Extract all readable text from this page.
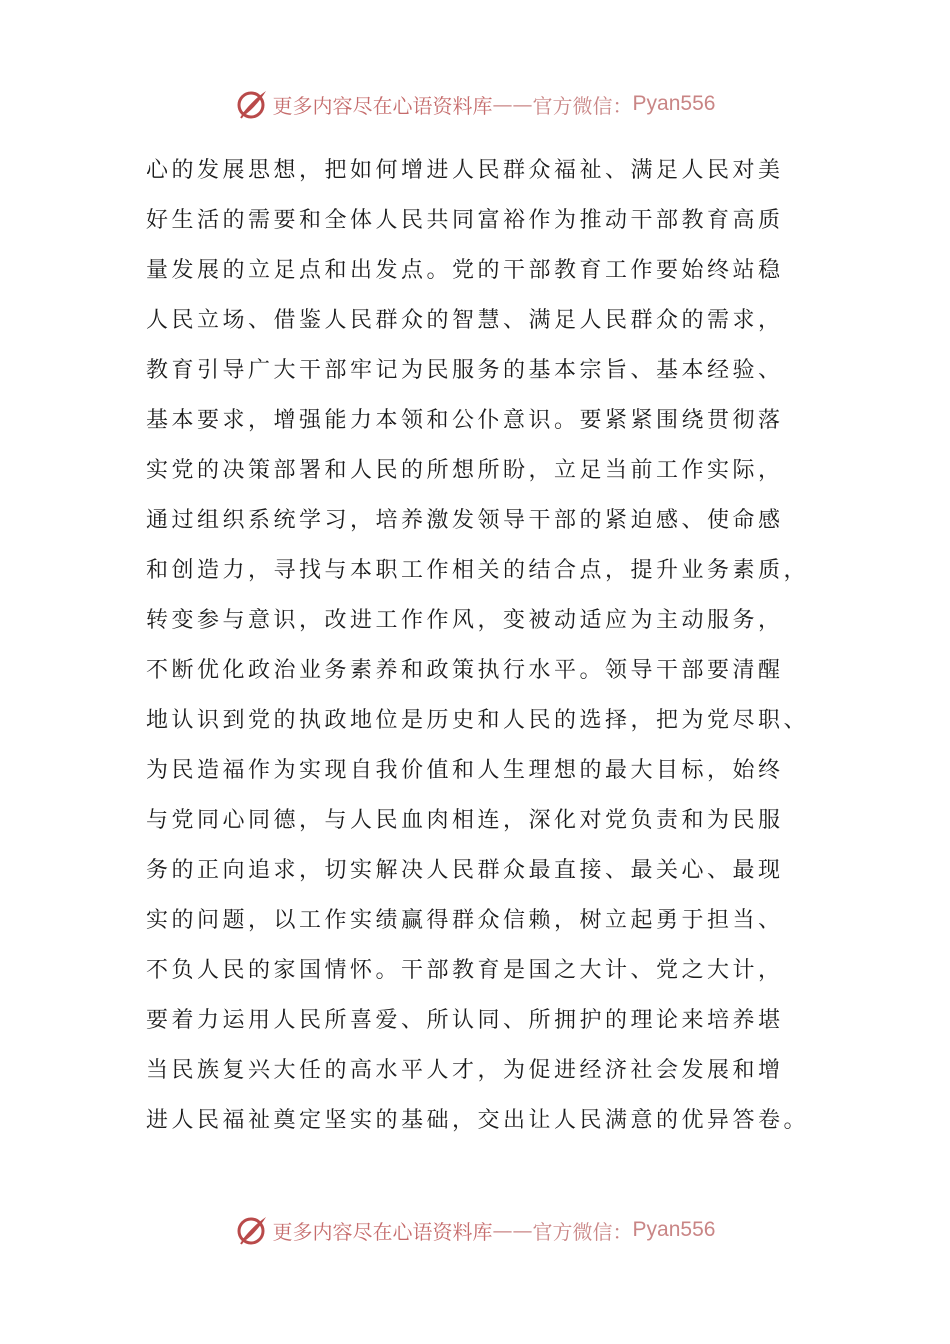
更多内容尽在心语资料库 —— 官方微信： Pyan556
心的发展思想，把如何增进人民群众福祉、满足人民对美
好生活的需要和全体人民共同富裕作为推动干部教育高质
量发展的立足点和出发点。党的干部教育工作要始终站稳
人民立场、借鉴人民群众的智慧、满足人民群众的需求，
教育引导广大干部牢记为民服务的基本宗旨、基本经验、
基本要求，增强能力本领和公仆意识。要紧紧围绕贯彻落
实党的决策部署和人民的所想所盼，立足当前工作实际，
通过组织系统学习，培养激发领导干部的紧迫感、使命感
和创造力，寻找与本职工作相关的结合点，提升业务素质，
转变参与意识，改进工作作风，变被动适应为主动服务，
不断优化政治业务素养和政策执行水平。领导干部要清醒
地认识到党的执政地位是历史和人民的选择，把为党尽职、
为民造福作为实现自我价值和人生理想的最大目标，始终
与党同心同德，与人民血肉相连，深化对党负责和为民服
务的正向追求，切实解决人民群众最直接、最关心、最现
实的问题，以工作实绩赢得群众信赖，树立起勇于担当、
不负人民的家国情怀。干部教育是国之大计、党之大计，
要着力运用人民所喜爱、所认同、所拥护的理论来培养堪
当民族复兴大任的高水平人才，为促进经济社会发展和增
进人民福祉奠定坚实的基础，交出让人民满意的优异答卷。
更多内容尽在心语资料库 —— 官方微信： Pyan556
